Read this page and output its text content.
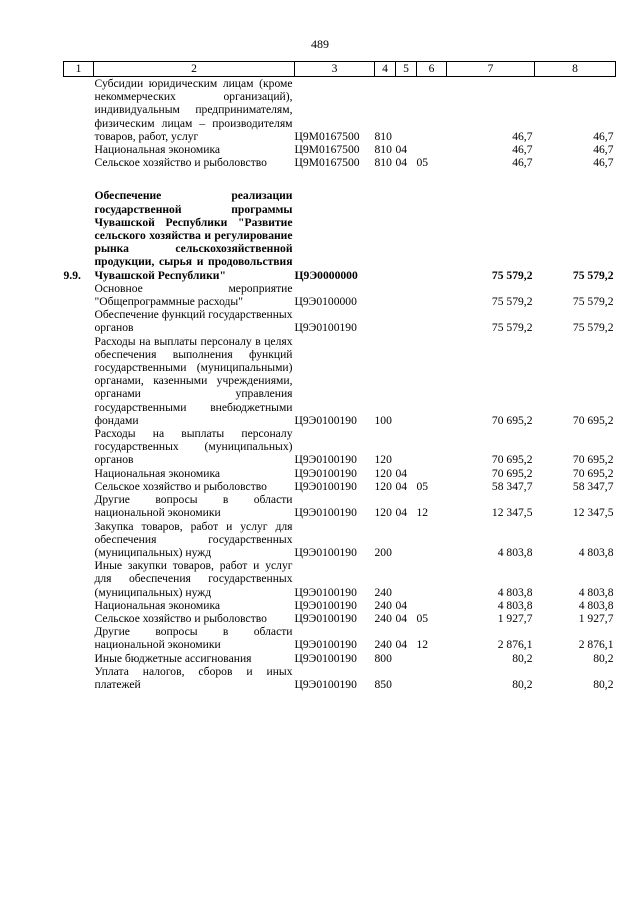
489
1	2	3	4	5	6	7	8
	Субсидии юридическим лицам (кроме некоммерческих организаций), индивидуальным предпринимателям, физическим лицам – производителям товаров, работ, услуг	Ц9М0167500	810			46,7	46,7
	Национальная экономика	Ц9М0167500	810	04		46,7	46,7
	Сельское хозяйство и рыболовство	Ц9М0167500	810	04	05	46,7	46,7

9.9.	Обеспечение реализации государственной программы Чувашской Республики "Развитие сельского хозяйства и регулирование рынка сельскохозяйственной продукции, сырья и продовольствия Чувашской Республики"	Ц9Э0000000				75 579,2	75 579,2
	Основное мероприятие "Общепрограммные расходы"	Ц9Э0100000				75 579,2	75 579,2
	Обеспечение функций государственных органов	Ц9Э0100190				75 579,2	75 579,2
	Расходы на выплаты персоналу в целях обеспечения выполнения функций государственными (муниципальными) органами, казенными учреждениями, органами управления государственными внебюджетными фондами	Ц9Э0100190	100			70 695,2	70 695,2
	Расходы на выплаты персоналу государственных (муниципальных) органов	Ц9Э0100190	120			70 695,2	70 695,2
	Национальная экономика	Ц9Э0100190	120	04		70 695,2	70 695,2
	Сельское хозяйство и рыболовство	Ц9Э0100190	120	04	05	58 347,7	58 347,7
	Другие вопросы в области национальной экономики	Ц9Э0100190	120	04	12	12 347,5	12 347,5
	Закупка товаров, работ и услуг для обеспечения государственных (муниципальных) нужд	Ц9Э0100190	200			4 803,8	4 803,8
	Иные закупки товаров, работ и услуг для обеспечения государственных (муниципальных) нужд	Ц9Э0100190	240			4 803,8	4 803,8
	Национальная экономика	Ц9Э0100190	240	04		4 803,8	4 803,8
	Сельское хозяйство и рыболовство	Ц9Э0100190	240	04	05	1 927,7	1 927,7
	Другие вопросы в области национальной экономики	Ц9Э0100190	240	04	12	2 876,1	2 876,1
	Иные бюджетные ассигнования	Ц9Э0100190	800			80,2	80,2
	Уплата налогов, сборов и иных платежей	Ц9Э0100190	850			80,2	80,2
